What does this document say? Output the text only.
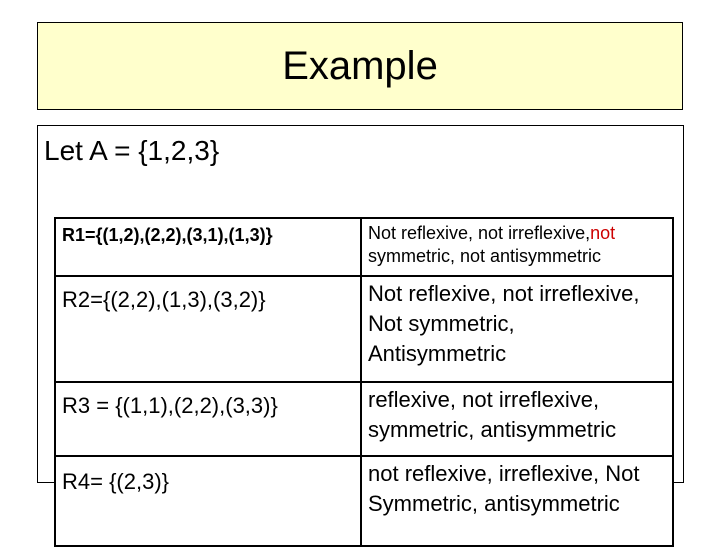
Example
Let A = {1,2,3}
R1={(1,2),(2,2),(3,1),(1,3)}	Not reflexive, not irreflexive,not
symmetric, not antisymmetric
R2={(2,2),(1,3),(3,2)}	Not reflexive, not irreflexive,
Not symmetric,
Antisymmetric
R3 = {(1,1),(2,2),(3,3)}	reflexive, not irreflexive,
symmetric, antisymmetric
R4= {(2,3)}	not reflexive, irreflexive, Not
Symmetric, antisymmetric
